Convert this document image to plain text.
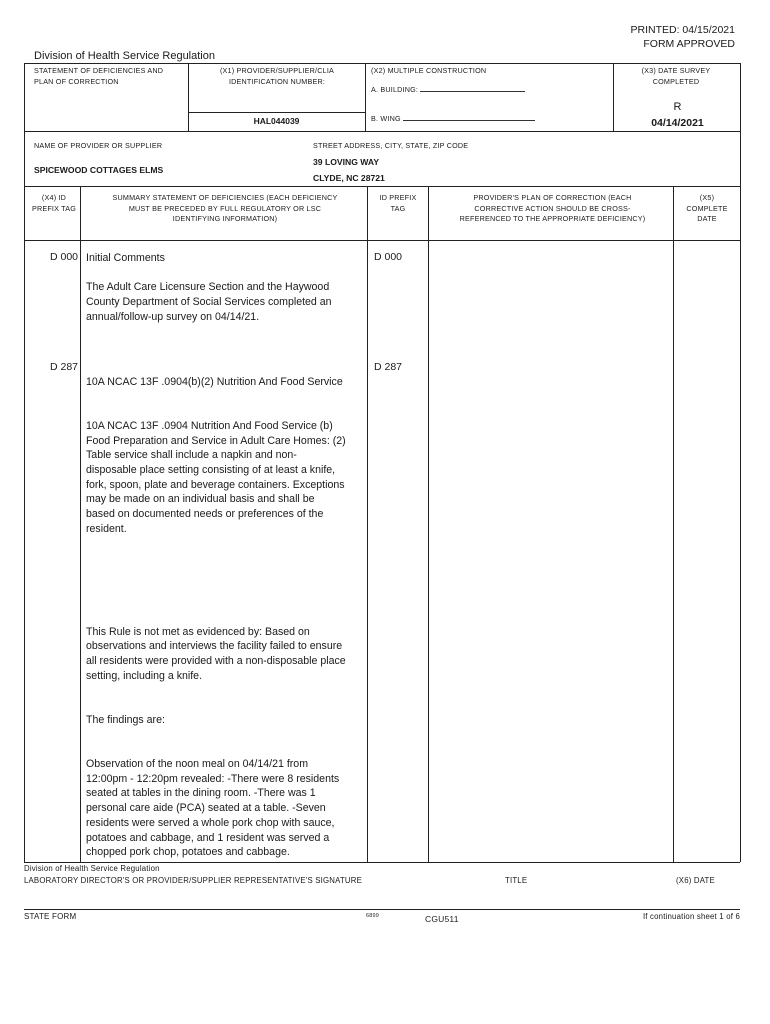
PRINTED: 04/15/2021
FORM APPROVED
Division of Health Service Regulation
STATEMENT OF DEFICIENCIES AND PLAN OF CORRECTION
(X1) PROVIDER/SUPPLIER/CLIA IDENTIFICATION NUMBER:
HAL044039
(X2) MULTIPLE CONSTRUCTION
A. BUILDING:
B. WING
(X3) DATE SURVEY COMPLETED
R
04/14/2021
NAME OF PROVIDER OR SUPPLIER
SPICEWOOD COTTAGES ELMS
STREET ADDRESS, CITY, STATE, ZIP CODE
39 LOVING WAY
CLYDE, NC 28721
(X4) ID PREFIX TAG
SUMMARY STATEMENT OF DEFICIENCIES (EACH DEFICIENCY MUST BE PRECEDED BY FULL REGULATORY OR LSC IDENTIFYING INFORMATION)
ID PREFIX TAG
PROVIDER'S PLAN OF CORRECTION (EACH CORRECTIVE ACTION SHOULD BE CROSS-REFERENCED TO THE APPROPRIATE DEFICIENCY)
(X5) COMPLETE DATE
D 000	D 000

Initial Comments

The Adult Care Licensure Section and the Haywood County Department of Social Services completed an annual/follow-up survey on 04/14/21.

D 287	D 287

10A NCAC 13F .0904(b)(2) Nutrition And Food Service

10A NCAC 13F .0904 Nutrition And Food Service (b) Food Preparation and Service in Adult Care Homes: (2) Table service shall include a napkin and non-disposable place setting consisting of at least a knife, fork, spoon, plate and beverage containers. Exceptions may be made on an individual basis and shall be based on documented needs or preferences of the resident.

This Rule is not met as evidenced by: Based on observations and interviews the facility failed to ensure all residents were provided with a non-disposable place setting, including a knife.

The findings are:

Observation of the noon meal on 04/14/21 from 12:00pm - 12:20pm revealed: -There were 8 residents seated at tables in the dining room. -There was 1 personal care aide (PCA) seated at a table. -Seven residents were served a whole pork chop with sauce, potatoes and cabbage, and 1 resident was served a chopped pork chop, potatoes and cabbage.

Division of Health Service Regulation
LABORATORY DIRECTOR'S OR PROVIDER/SUPPLIER REPRESENTATIVE'S SIGNATURE	TITLE	(X6) DATE
STATE FORM	6899	CGU511	If continuation sheet 1 of 6
